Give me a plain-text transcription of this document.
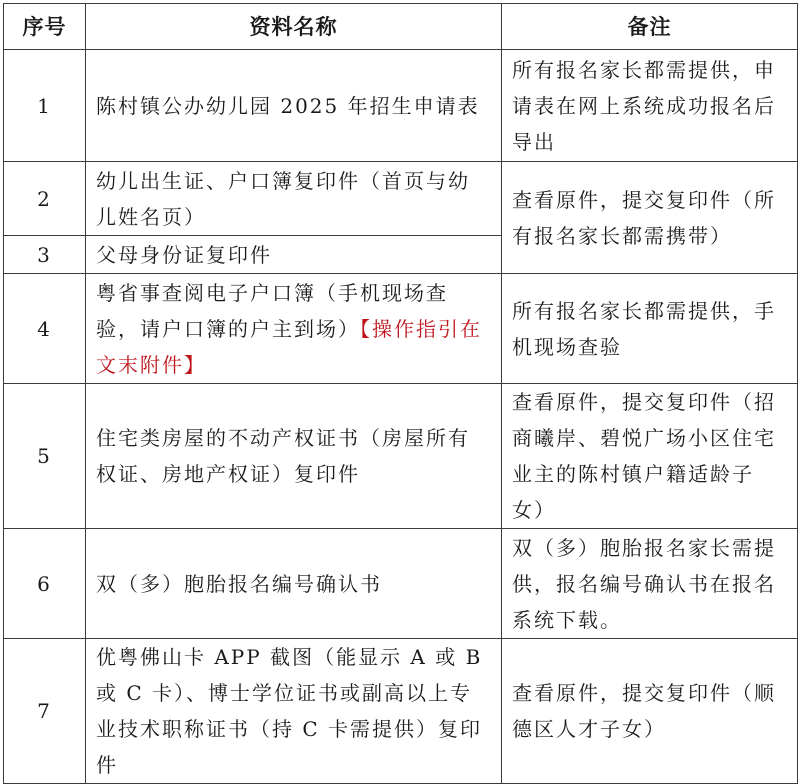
序号	资料名称	备注
1	陈村镇公办幼儿园 2025 年招生申请表	所有报名家长都需提供，申请表在网上系统成功报名后导出
2	幼儿出生证、户口簿复印件（首页与幼儿姓名页）	查看原件，提交复印件（所有报名家长都需携带）
3	父母身份证复印件	
4	粤省事查阅电子户口簿（手机现场查验，请户口簿的户主到场）【操作指引在文末附件】	所有报名家长都需提供，手机现场查验
5	住宅类房屋的不动产权证书（房屋所有权证、房地产权证）复印件	查看原件，提交复印件（招商曦岸、碧悦广场小区住宅业主的陈村镇户籍适龄子女）
6	双（多）胞胎报名编号确认书	双（多）胞胎报名家长需提供，报名编号确认书在报名系统下载。
7	优粤佛山卡 APP 截图（能显示 A 或 B 或 C 卡）、博士学位证书或副高以上专业技术职称证书（持 C 卡需提供）复印件	查看原件，提交复印件（顺德区人才子女）
